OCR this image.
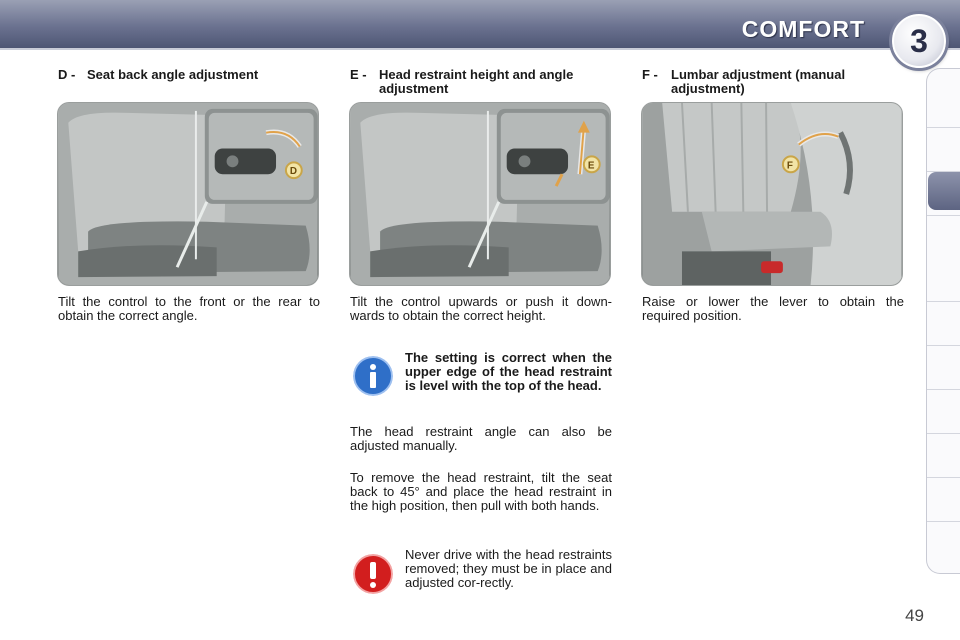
COMFORT	3
D - Seat back angle adjustment
D
Tilt the control to the front or the rear to obtain the correct angle.
E - Head restraint height and angle adjustment
E
Tilt the control upwards or push it down-wards to obtain the correct height.
The setting is correct when the upper edge of the head restraint is level with the top of the head.
The head restraint angle can also be adjusted manually.
To remove the head restraint, tilt the seat back to 45° and place the head restraint in the high position, then pull with both hands.
Never drive with the head restraints removed; they must be in place and adjusted cor-rectly.
F - Lumbar adjustment (manual adjustment)
F
Raise or lower the lever to obtain the required position.
49
